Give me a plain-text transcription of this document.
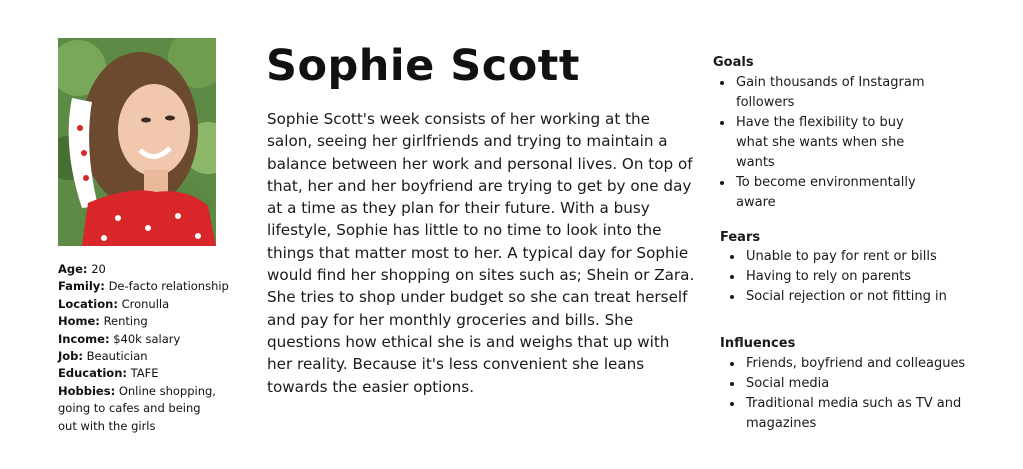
Age: 20

Family: De-facto relationship

Location: Cronulla

Home: Renting

Income: $40k salary

Job: Beautician

Education: TAFE

Hobbies: Online shopping, going to cafes and being out with the girls

Sophie Scott

Sophie Scott's week consists of her working at the salon, seeing her girlfriends and trying to maintain a balance between her work and personal lives. On top of that, her and her boyfriend are trying to get by one day at a time as they plan for their future. With a busy lifestyle, Sophie has little to no time to look into the things that matter most to her. A typical day for Sophie would find her shopping on sites such as; Shein or Zara. She tries to shop under budget so she can treat herself and pay for her monthly groceries and bills. She questions how ethical she is and weighs that up with her reality. Because it's less convenient she leans towards the easier options.

Goals
• Gain thousands of Instagram followers
• Have the flexibility to buy what she wants when she wants
• To become environmentally aware
Fears
• Unable to pay for rent or bills
• Having to rely on parents
• Social rejection or not fitting in
Influences
• Friends, boyfriend and colleagues
• Social media
• Traditional media such as TV and magazines
